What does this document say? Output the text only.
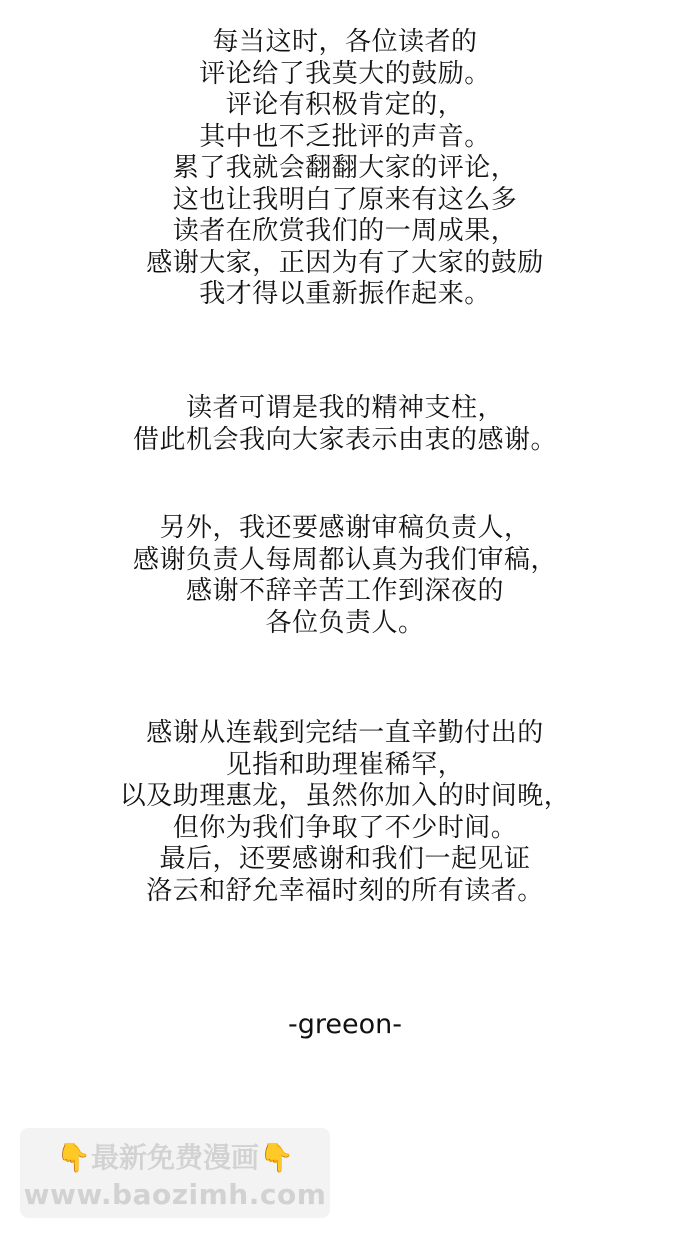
每当这时，各位读者的
评论给了我莫大的鼓励。
评论有积极肯定的，
其中也不乏批评的声音。
累了我就会翻翻大家的评论，
这也让我明白了原来有这么多
读者在欣赏我们的一周成果，
感谢大家，正因为有了大家的鼓励
我才得以重新振作起来。
读者可谓是我的精神支柱，
借此机会我向大家表示由衷的感谢。
另外，我还要感谢审稿负责人，
感谢负责人每周都认真为我们审稿，
感谢不辞辛苦工作到深夜的
各位负责人。
感谢从连载到完结一直辛勤付出的
见指和助理崔稀罕，
以及助理惠龙，虽然你加入的时间晚，
但你为我们争取了不少时间。
最后，还要感谢和我们一起见证
洛云和舒允幸福时刻的所有读者。
-greeon-
👇最新免费漫画👇
www.baozimh.com
